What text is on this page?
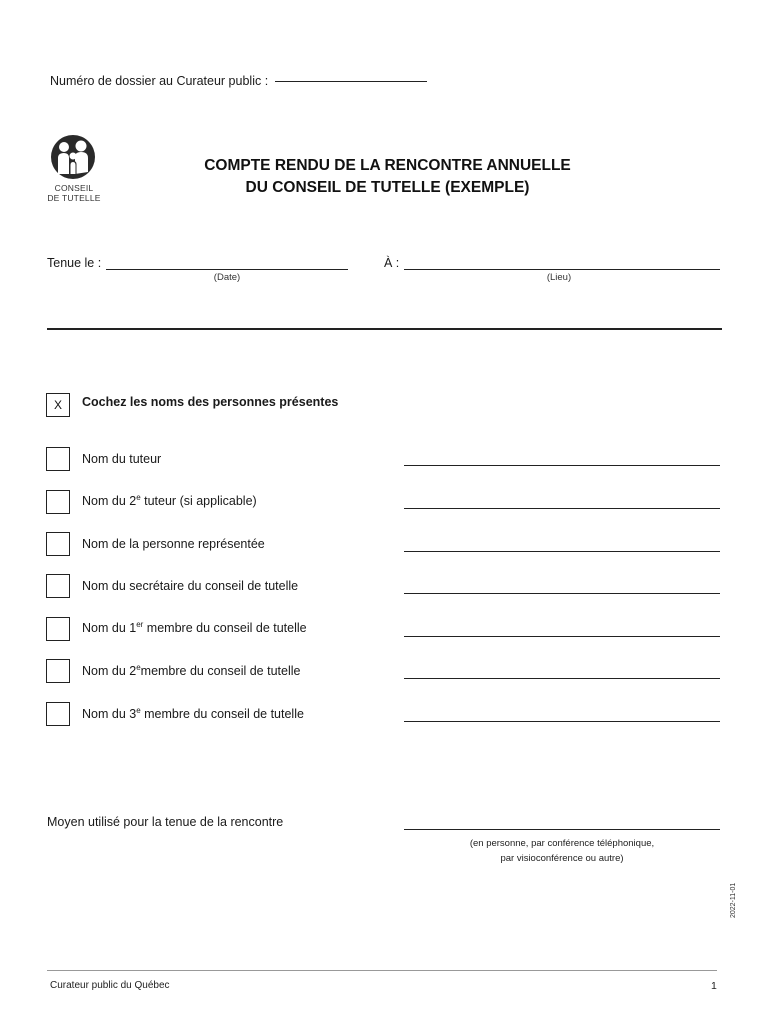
Numéro de dossier au Curateur public :
CONSEIL
DE TUTELLE
COMPTE RENDU DE LA RENCONTRE ANNUELLE
DU CONSEIL DE TUTELLE (EXEMPLE)
Tenue le :
(Date)
À :
(Lieu)
X	Cochez les noms des personnes présentes
Nom du tuteur
Nom du 2e tuteur (si applicable)
Nom de la personne représentée
Nom du secrétaire du conseil de tutelle
Nom du 1er membre du conseil de tutelle
Nom du 2emembre du conseil de tutelle
Nom du 3e membre du conseil de tutelle
Moyen utilisé pour la tenue de la rencontre
(en personne, par conférence téléphonique,
par visioconférence ou autre)
2022-11-01
Curateur public du Québec	1
